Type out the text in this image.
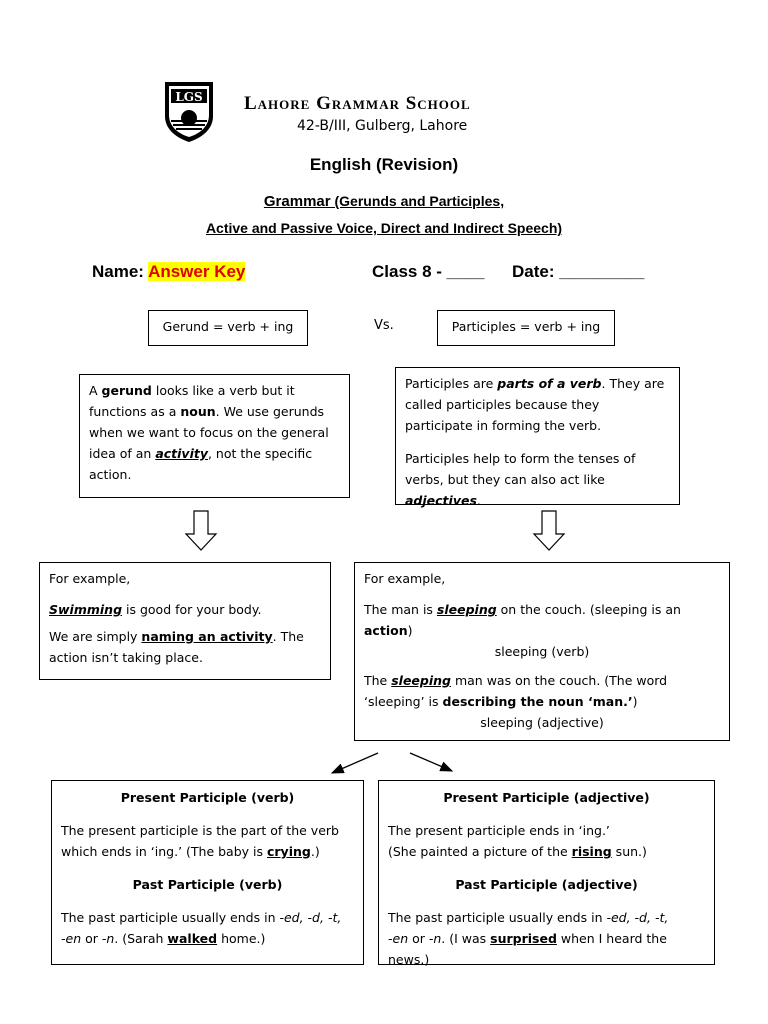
LGS Lahore Grammar School
42-B/III, Gulberg, Lahore
English (Revision)
Grammar (Gerunds and Participles,
Active and Passive Voice, Direct and Indirect Speech)
Name: Answer Key	Class 8 - ____ Date: _________
Gerund = verb + ing	Vs.	Participles = verb + ing
A gerund looks like a verb but it functions as a noun. We use gerunds when we want to focus on the general idea of an activity, not the specific action.

Participles are parts of a verb. They are called participles because they participate in forming the verb.

Participles help to form the tenses of verbs, but they can also act like adjectives.

For example,

Swimming is good for your body.

We are simply naming an activity. The action isn’t taking place.

For example,

The man is sleeping on the couch. (sleeping is an action)

sleeping (verb)

The sleeping man was on the couch. (The word ‘sleeping’ is describing the noun ‘man.’)

sleeping (adjective)

Present Participle (verb)

The present participle is the part of the verb which ends in ‘ing.’ (The baby is crying.)

Past Participle (verb)

The past participle usually ends in -ed, -d, -t,
-en or -n. (Sarah walked home.)

Present Participle (adjective)

The present participle ends in ‘ing.’
(She painted a picture of the rising sun.)

Past Participle (adjective)

The past participle usually ends in -ed, -d, -t,
-en or -n. (I was surprised when I heard the news.)
